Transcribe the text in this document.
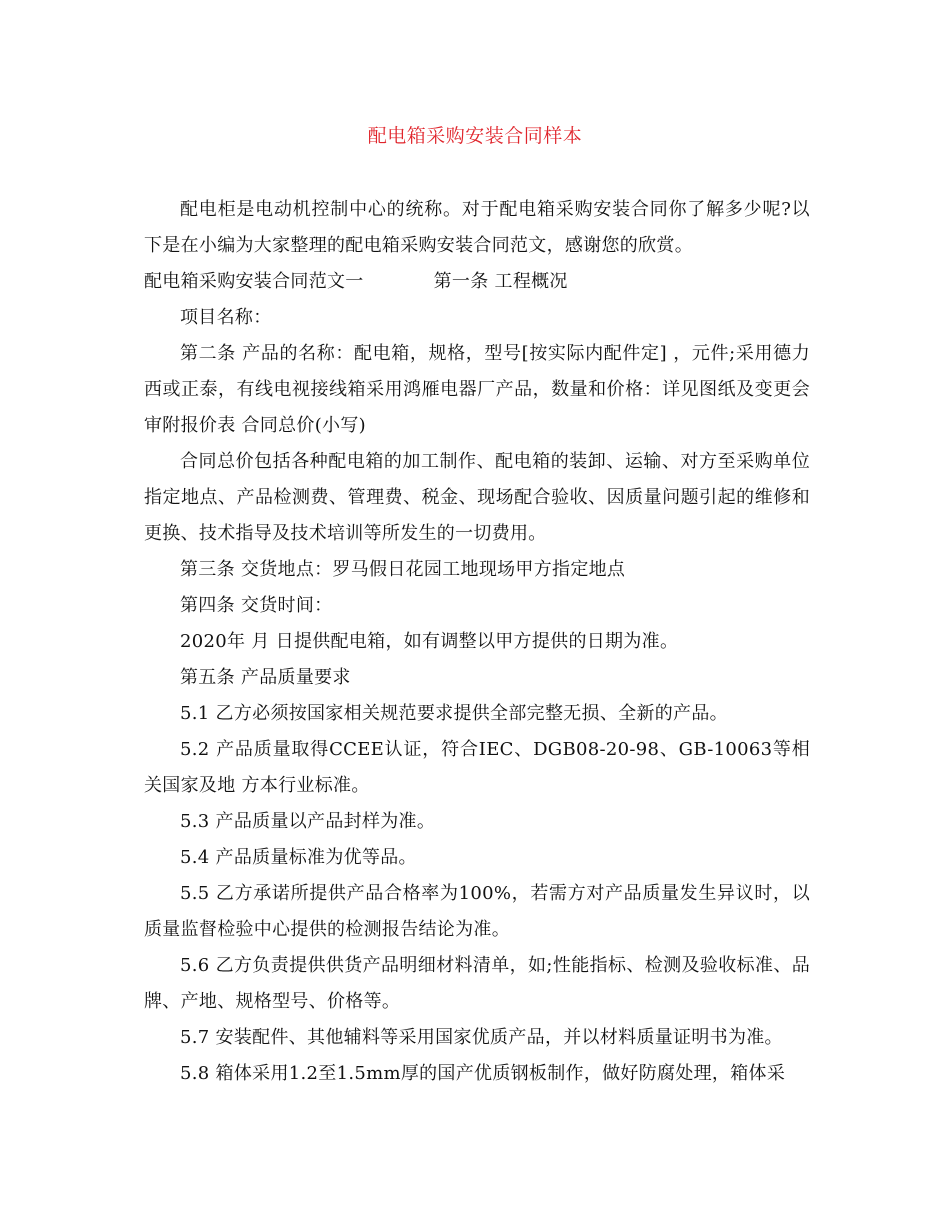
配电箱采购安装合同样本

配电柜是电动机控制中心的统称。对于配电箱采购安装合同你了解多少呢?以下是在小编为大家整理的配电箱采购安装合同范文，感谢您的欣赏。

配电箱采购安装合同范文一	第一条 工程概况

项目名称：

第二条 产品的名称：配电箱，规格，型号[按实际内配件定] ，元件;采用德力西或正泰，有线电视接线箱采用鸿雁电器厂产品，数量和价格：详见图纸及变更会审附报价表 合同总价(小写)

合同总价包括各种配电箱的加工制作、配电箱的装卸、运输、对方至采购单位指定地点、产品检测费、管理费、税金、现场配合验收、因质量问题引起的维修和更换、技术指导及技术培训等所发生的一切费用。

第三条 交货地点：罗马假日花园工地现场甲方指定地点

第四条 交货时间：

2020年 月 日提供配电箱，如有调整以甲方提供的日期为准。

第五条 产品质量要求

5.1 乙方必须按国家相关规范要求提供全部完整无损、全新的产品。

5.2 产品质量取得CCEE认证，符合IEC、DGB08-20-98、GB-10063等相关国家及地 方本行业标准。

5.3 产品质量以产品封样为准。

5.4 产品质量标准为优等品。

5.5 乙方承诺所提供产品合格率为100%，若需方对产品质量发生异议时，以质量监督检验中心提供的检测报告结论为准。

5.6 乙方负责提供供货产品明细材料清单，如;性能指标、检测及验收标准、品牌、产地、规格型号、价格等。

5.7 安装配件、其他辅料等采用国家优质产品，并以材料质量证明书为准。

5.8 箱体采用1.2至1.5mm厚的国产优质钢板制作，做好防腐处理，箱体采
